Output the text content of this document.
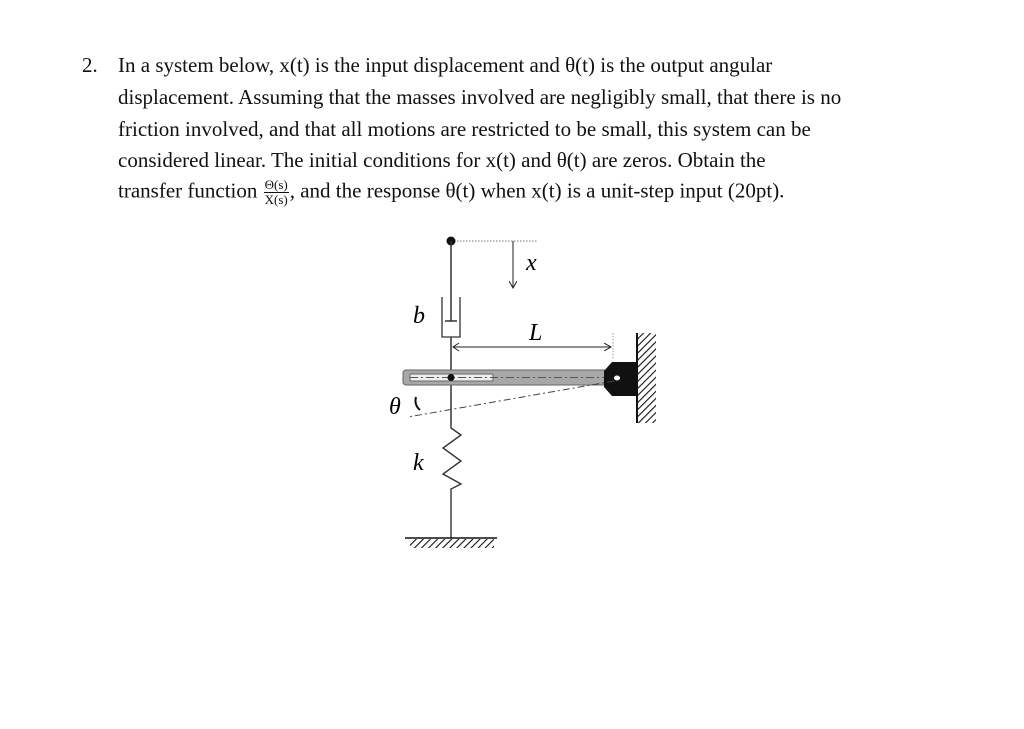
2. In a system below, x(t) is the input displacement and θ(t) is the output angular
displacement. Assuming that the masses involved are negligibly small, that there is no
friction involved, and that all motions are restricted to be small, this system can be
considered linear. The initial conditions for x(t) and θ(t) are zeros. Obtain the
transfer function $\frac{\Theta(s)}{X(s)}$ , and the response θ(t) when x(t) is a unit-step input (20pt).
x
b
L
θ
k
